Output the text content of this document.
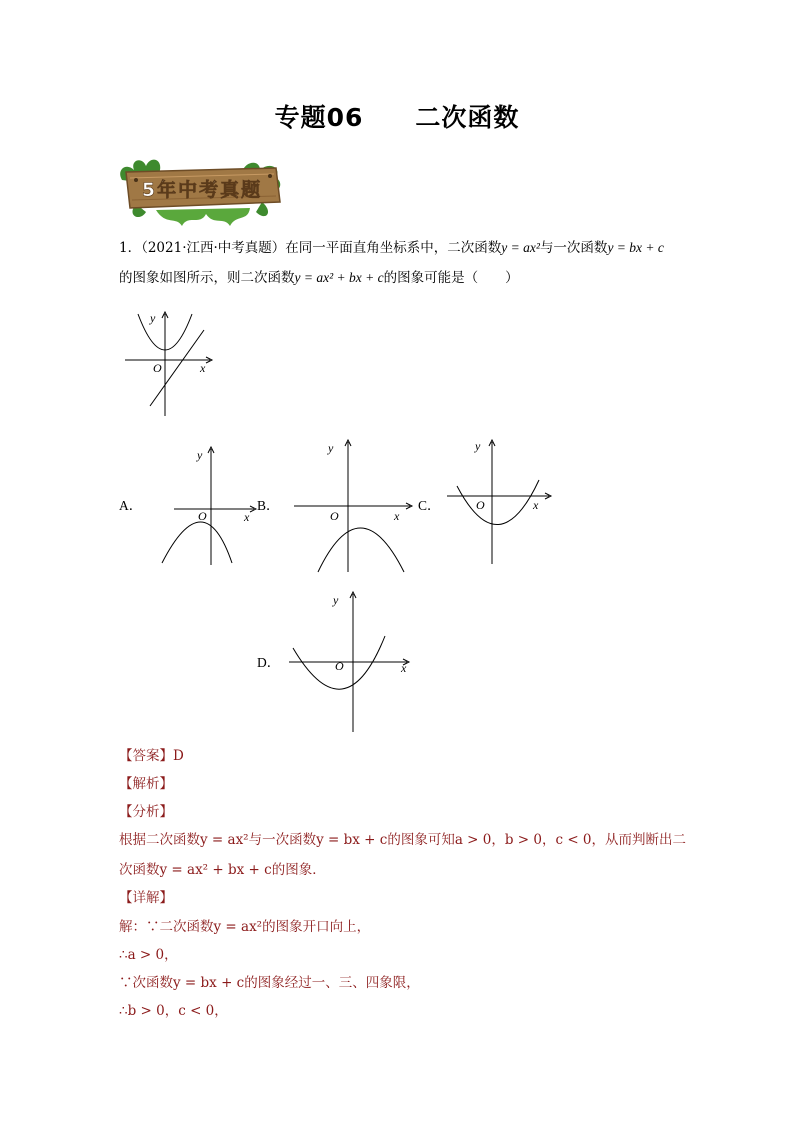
专题06　　二次函数
5年中考真题
1．（2021·江西·中考真题）在同一平面直角坐标系中，二次函数y = ax²与一次函数y = bx + c
的图象如图所示，则二次函数y = ax² + bx + c的图象可能是（　　）
y
O	x
A．
y
O	x
B．
y
O	x
C．
y
O	x
D．
y
O	x
【答案】D
【解析】
【分析】
根据二次函数y = ax²与一次函数y = bx + c的图象可知a > 0，b > 0，c < 0，从而判断出二
次函数y = ax² + bx + c的图象．
【详解】
解：∵二次函数y = ax²的图象开口向上，
∴a > 0，
∵次函数y = bx + c的图象经过一、三、四象限，
∴b > 0，c < 0，
